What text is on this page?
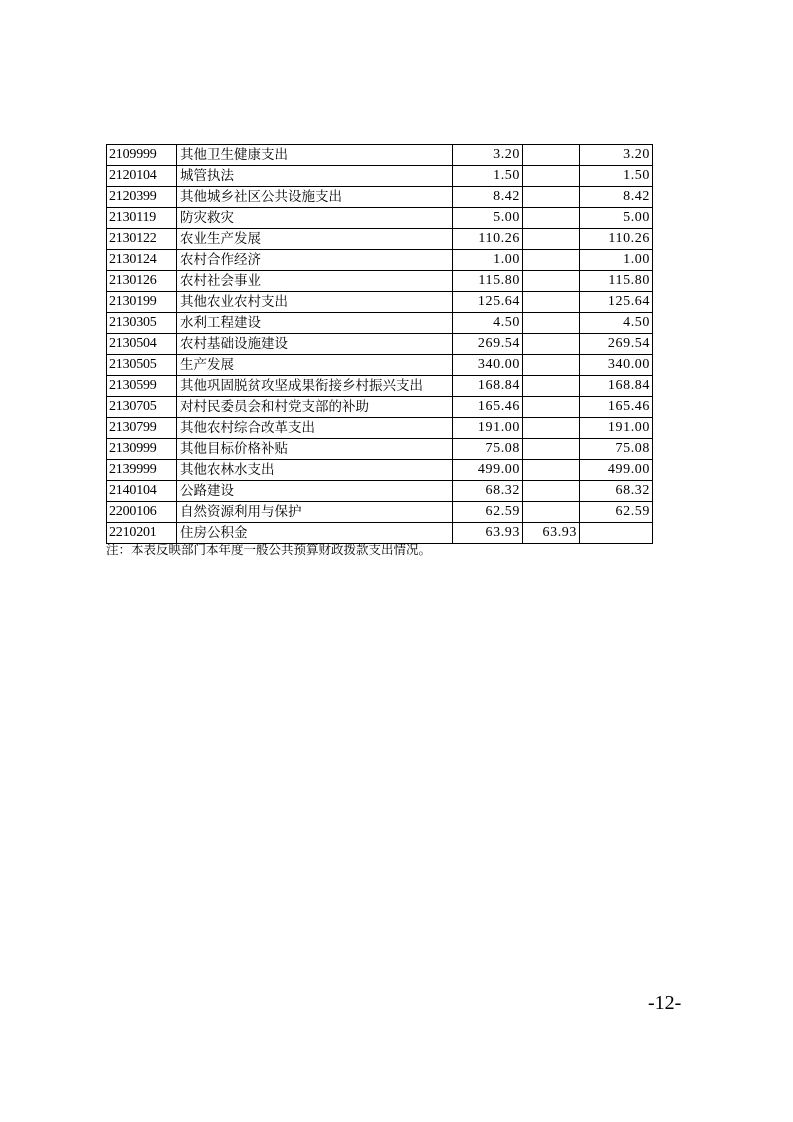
2109999	其他卫生健康支出	3.20		3.20
2120104	城管执法	1.50		1.50
2120399	其他城乡社区公共设施支出	8.42		8.42
2130119	防灾救灾	5.00		5.00
2130122	农业生产发展	110.26		110.26
2130124	农村合作经济	1.00		1.00
2130126	农村社会事业	115.80		115.80
2130199	其他农业农村支出	125.64		125.64
2130305	水利工程建设	4.50		4.50
2130504	农村基础设施建设	269.54		269.54
2130505	生产发展	340.00		340.00
2130599	其他巩固脱贫攻坚成果衔接乡村振兴支出	168.84		168.84
2130705	对村民委员会和村党支部的补助	165.46		165.46
2130799	其他农村综合改革支出	191.00		191.00
2130999	其他目标价格补贴	75.08		75.08
2139999	其他农林水支出	499.00		499.00
2140104	公路建设	68.32		68.32
2200106	自然资源利用与保护	62.59		62.59
2210201	住房公积金	63.93	63.93	
注：本表反映部门本年度一般公共预算财政拨款支出情况。
-12-
